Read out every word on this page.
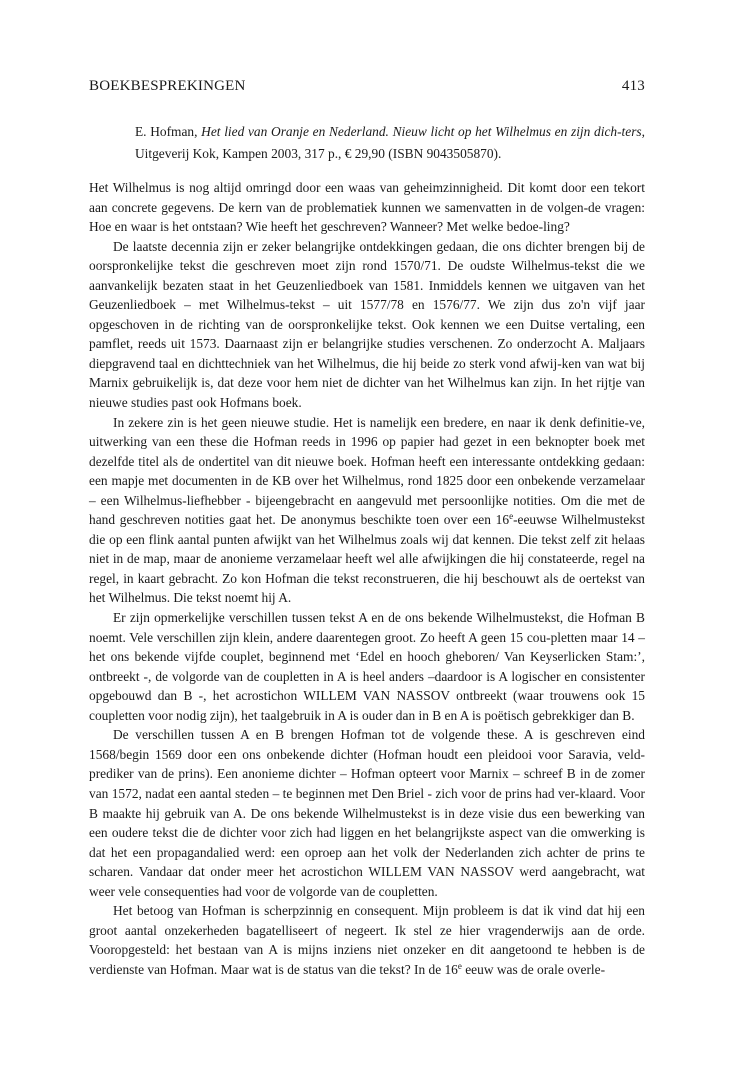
BOEKBESPREKINGEN	413
E. Hofman, Het lied van Oranje en Nederland. Nieuw licht op het Wilhelmus en zijn dich-ters, Uitgeverij Kok, Kampen 2003, 317 p., € 29,90 (ISBN 9043505870).

Het Wilhelmus is nog altijd omringd door een waas van geheimzinnigheid. Dit komt door een tekort aan concrete gegevens. De kern van de problematiek kunnen we samenvatten in de volgen-de vragen: Hoe en waar is het ontstaan? Wie heeft het geschreven? Wanneer? Met welke bedoe-ling?

De laatste decennia zijn er zeker belangrijke ontdekkingen gedaan, die ons dichter brengen bij de oorspronkelijke tekst die geschreven moet zijn rond 1570/71. De oudste Wilhelmus-tekst die we aanvankelijk bezaten staat in het Geuzenliedboek van 1581. Inmiddels kennen we uitgaven van het Geuzenliedboek – met Wilhelmus-tekst – uit 1577/78 en 1576/77. We zijn dus zo'n vijf jaar opgeschoven in de richting van de oorspronkelijke tekst. Ook kennen we een Duitse vertaling, een pamflet, reeds uit 1573. Daarnaast zijn er belangrijke studies verschenen. Zo onderzocht A. Maljaars diepgravend taal en dichttechniek van het Wilhelmus, die hij beide zo sterk vond afwij-ken van wat bij Marnix gebruikelijk is, dat deze voor hem niet de dichter van het Wilhelmus kan zijn. In het rijtje van nieuwe studies past ook Hofmans boek.

In zekere zin is het geen nieuwe studie. Het is namelijk een bredere, en naar ik denk definitie-ve, uitwerking van een these die Hofman reeds in 1996 op papier had gezet in een beknopter boek met dezelfde titel als de ondertitel van dit nieuwe boek. Hofman heeft een interessante ontdekking gedaan: een mapje met documenten in de KB over het Wilhelmus, rond 1825 door een onbekende verzamelaar – een Wilhelmus-liefhebber - bijeengebracht en aangevuld met persoonlijke notities. Om die met de hand geschreven notities gaat het. De anonymus beschikte toen over een 16e-eeuwse Wilhelmustekst die op een flink aantal punten afwijkt van het Wilhelmus zoals wij dat kennen. Die tekst zelf zit helaas niet in de map, maar de anonieme verzamelaar heeft wel alle afwijkingen die hij constateerde, regel na regel, in kaart gebracht. Zo kon Hofman die tekst reconstrueren, die hij beschouwt als de oertekst van het Wilhelmus. Die tekst noemt hij A.

Er zijn opmerkelijke verschillen tussen tekst A en de ons bekende Wilhelmustekst, die Hofman B noemt. Vele verschillen zijn klein, andere daarentegen groot. Zo heeft A geen 15 cou-pletten maar 14 – het ons bekende vijfde couplet, beginnend met ‘Edel en hooch gheboren/ Van Keyserlicken Stam:’, ontbreekt -, de volgorde van de coupletten in A is heel anders –daardoor is A logischer en consistenter opgebouwd dan B -, het acrostichon WILLEM VAN NASSOV ontbreekt (waar trouwens ook 15 coupletten voor nodig zijn), het taalgebruik in A is ouder dan in B en A is poëtisch gebrekkiger dan B.

De verschillen tussen A en B brengen Hofman tot de volgende these. A is geschreven eind 1568/begin 1569 door een ons onbekende dichter (Hofman houdt een pleidooi voor Saravia, veld-prediker van de prins). Een anonieme dichter – Hofman opteert voor Marnix – schreef B in de zomer van 1572, nadat een aantal steden – te beginnen met Den Briel - zich voor de prins had ver-klaard. Voor B maakte hij gebruik van A. De ons bekende Wilhelmustekst is in deze visie dus een bewerking van een oudere tekst die de dichter voor zich had liggen en het belangrijkste aspect van die omwerking is dat het een propagandalied werd: een oproep aan het volk der Nederlanden zich achter de prins te scharen. Vandaar dat onder meer het acrostichon WILLEM VAN NASSOV werd aangebracht, wat weer vele consequenties had voor de volgorde van de coupletten.

Het betoog van Hofman is scherpzinnig en consequent. Mijn probleem is dat ik vind dat hij een groot aantal onzekerheden bagatelliseert of negeert. Ik stel ze hier vragenderwijs aan de orde. Vooropgesteld: het bestaan van A is mijns inziens niet onzeker en dit aangetoond te hebben is de verdienste van Hofman. Maar wat is de status van die tekst? In de 16e eeuw was de orale overle-
